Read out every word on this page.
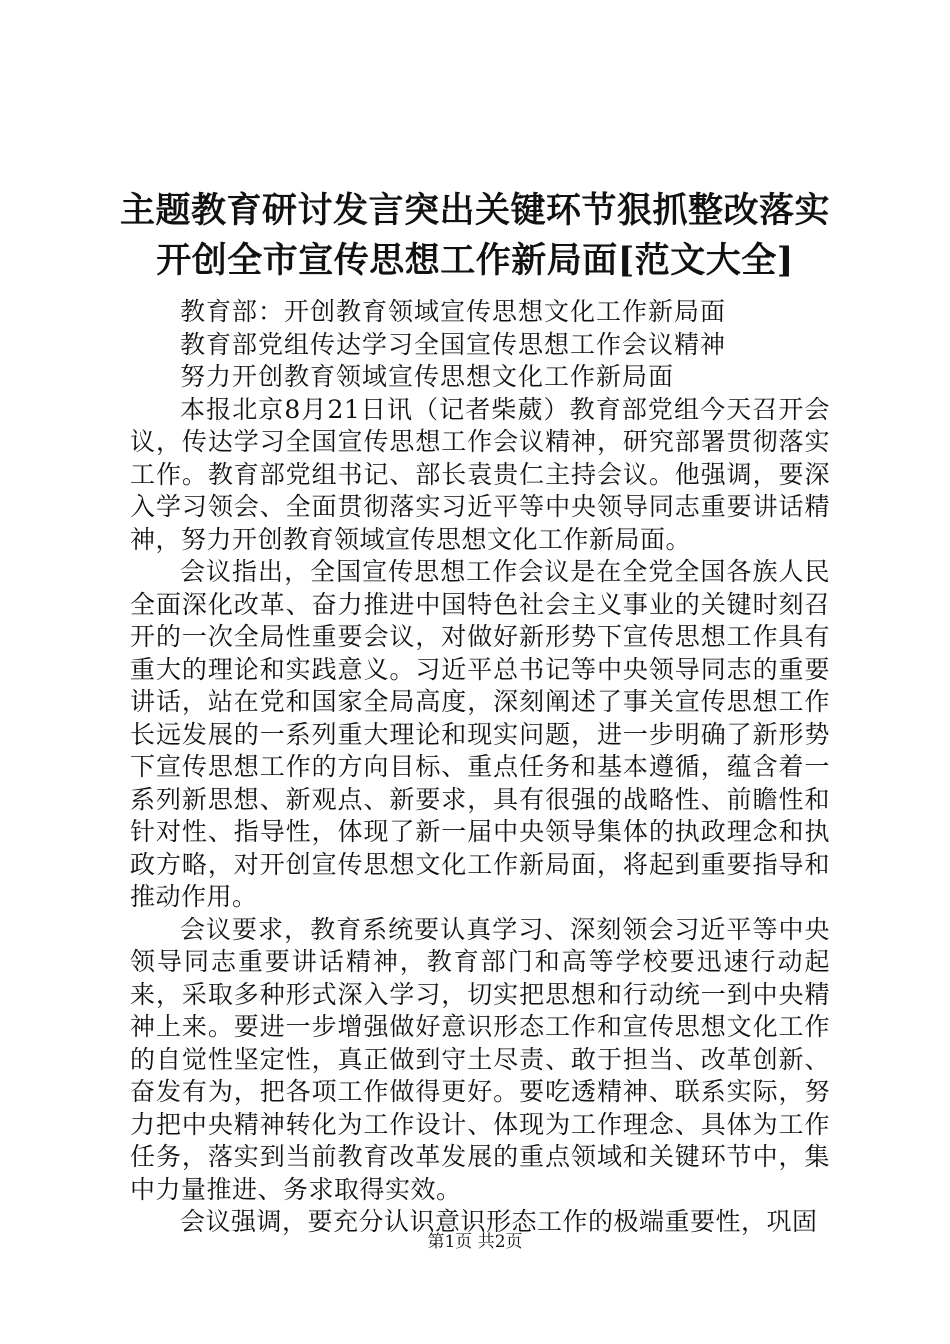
主题教育研讨发言突出关键环节狠抓整改落实
开创全市宣传思想工作新局面[范文大全]

教育部：开创教育领域宣传思想文化工作新局面

教育部党组传达学习全国宣传思想工作会议精神

努力开创教育领域宣传思想文化工作新局面

本报北京8月21日讯（记者柴葳）教育部党组今天召开会议，传达学习全国宣传思想工作会议精神，研究部署贯彻落实工作。教育部党组书记、部长袁贵仁主持会议。他强调，要深入学习领会、全面贯彻落实习近平等中央领导同志重要讲话精神，努力开创教育领域宣传思想文化工作新局面。

会议指出，全国宣传思想工作会议是在全党全国各族人民全面深化改革、奋力推进中国特色社会主义事业的关键时刻召开的一次全局性重要会议，对做好新形势下宣传思想工作具有重大的理论和实践意义。习近平总书记等中央领导同志的重要讲话，站在党和国家全局高度，深刻阐述了事关宣传思想工作长远发展的一系列重大理论和现实问题，进一步明确了新形势下宣传思想工作的方向目标、重点任务和基本遵循，蕴含着一系列新思想、新观点、新要求，具有很强的战略性、前瞻性和针对性、指导性，体现了新一届中央领导集体的执政理念和执政方略，对开创宣传思想文化工作新局面，将起到重要指导和推动作用。

会议要求，教育系统要认真学习、深刻领会习近平等中央领导同志重要讲话精神，教育部门和高等学校要迅速行动起来，采取多种形式深入学习，切实把思想和行动统一到中央精神上来。要进一步增强做好意识形态工作和宣传思想文化工作的自觉性坚定性，真正做到守土尽责、敢于担当、改革创新、奋发有为，把各项工作做得更好。要吃透精神、联系实际，努力把中央精神转化为工作设计、体现为工作理念、具体为工作任务，落实到当前教育改革发展的重点领域和关键环节中，集中力量推进、务求取得实效。

会议强调，要充分认识意识形态工作的极端重要性，巩固

第1页 共2页
